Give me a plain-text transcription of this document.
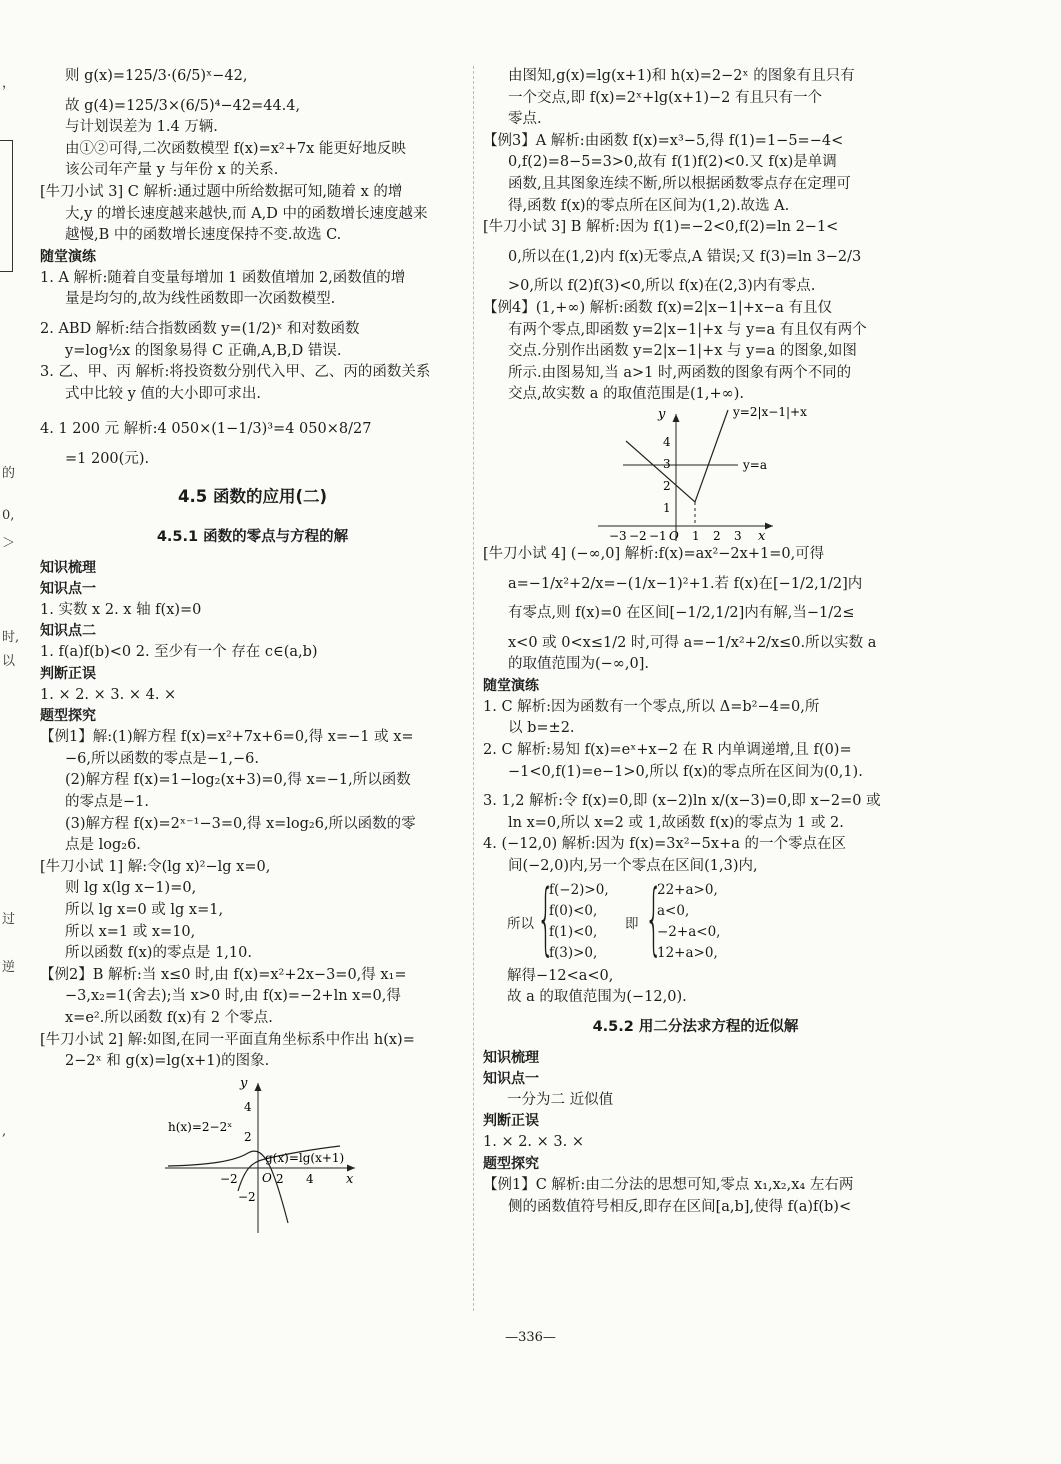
，
的
0,
＞
时,
以
过
逆
,
则 g(x)=125/3·(6/5)ˣ−42,
故 g(4)=125/3×(6/5)⁴−42=44.4,
与计划误差为 1.4 万辆.
由①②可得,二次函数模型 f(x)=x²+7x 能更好地反映
该公司年产量 y 与年份 x 的关系.
[牛刀小试 3] C 解析:通过题中所给数据可知,随着 x 的增
大,y 的增长速度越来越快,而 A,D 中的函数增长速度越来
越慢,B 中的函数增长速度保持不变.故选 C.
随堂演练
1. A 解析:随着自变量每增加 1 函数值增加 2,函数值的增
量是均匀的,故为线性函数即一次函数模型.
2. ABD 解析:结合指数函数 y=(1/2)ˣ 和对数函数
y=log½x 的图象易得 C 正确,A,B,D 错误.
3. 乙、甲、丙 解析:将投资数分别代入甲、乙、丙的函数关系
式中比较 y 值的大小即可求出.
4. 1 200 元 解析:4 050×(1−1/3)³=4 050×8/27
=1 200(元).
4.5 函数的应用(二)
4.5.1 函数的零点与方程的解
知识梳理
知识点一
1. 实数 x 2. x 轴 f(x)=0
知识点二
1. f(a)f(b)<0 2. 至少有一个 存在 c∈(a,b)
判断正误
1. × 2. × 3. × 4. ×
题型探究
【例1】解:(1)解方程 f(x)=x²+7x+6=0,得 x=−1 或 x=
−6,所以函数的零点是−1,−6.
(2)解方程 f(x)=1−log₂(x+3)=0,得 x=−1,所以函数
的零点是−1.
(3)解方程 f(x)=2ˣ⁻¹−3=0,得 x=log₂6,所以函数的零
点是 log₂6.
[牛刀小试 1] 解:令(lg x)²−lg x=0,
则 lg x(lg x−1)=0,
所以 lg x=0 或 lg x=1,
所以 x=1 或 x=10,
所以函数 f(x)的零点是 1,10.
【例2】B 解析:当 x≤0 时,由 f(x)=x²+2x−3=0,得 x₁=
−3,x₂=1(舍去);当 x>0 时,由 f(x)=−2+ln x=0,得
x=e².所以函数 f(x)有 2 个零点.
[牛刀小试 2] 解:如图,在同一平面直角坐标系中作出 h(x)=
2−2ˣ 和 g(x)=lg(x+1)的图象.
y
x
O
4
2
−2
2 4
−2
h(x)=2−2ˣ
g(x)=lg(x+1)
由图知,g(x)=lg(x+1)和 h(x)=2−2ˣ 的图象有且只有
一个交点,即 f(x)=2ˣ+lg(x+1)−2 有且只有一个
零点.
【例3】A 解析:由函数 f(x)=x³−5,得 f(1)=1−5=−4<
0,f(2)=8−5=3>0,故有 f(1)f(2)<0.又 f(x)是单调
函数,且其图象连续不断,所以根据函数零点存在定理可
得,函数 f(x)的零点所在区间为(1,2).故选 A.
[牛刀小试 3] B 解析:因为 f(1)=−2<0,f(2)=ln 2−1<
0,所以在(1,2)内 f(x)无零点,A 错误;又 f(3)=ln 3−2/3
>0,所以 f(2)f(3)<0,所以 f(x)在(2,3)内有零点.
【例4】(1,+∞) 解析:函数 f(x)=2|x−1|+x−a 有且仅
有两个零点,即函数 y=2|x−1|+x 与 y=a 有且仅有两个
交点.分别作出函数 y=2|x−1|+x 与 y=a 的图象,如图
所示.由图易知,当 a>1 时,两函数的图象有两个不同的
交点,故实数 a 的取值范围是(1,+∞).
y
x
4
3
2
1
−3 −2 −1 O 1 2 3
y=2|x−1|+x
y=a
[牛刀小试 4] (−∞,0] 解析:f(x)=ax²−2x+1=0,可得
a=−1/x²+2/x=−(1/x−1)²+1.若 f(x)在[−1/2,1/2]内
有零点,则 f(x)=0 在区间[−1/2,1/2]内有解,当−1/2≤
x<0 或 0<x≤1/2 时,可得 a=−1/x²+2/x≤0.所以实数 a
的取值范围为(−∞,0].
随堂演练
1. C 解析:因为函数有一个零点,所以 Δ=b²−4=0,所
以 b=±2.
2. C 解析:易知 f(x)=eˣ+x−2 在 R 内单调递增,且 f(0)=
−1<0,f(1)=e−1>0,所以 f(x)的零点所在区间为(0,1).
3. 1,2 解析:令 f(x)=0,即 (x−2)ln x/(x−3)=0,即 x−2=0 或
ln x=0,所以 x=2 或 1,故函数 f(x)的零点为 1 或 2.
4. (−12,0) 解析:因为 f(x)=3x²−5x+a 的一个零点在区
间(−2,0)内,另一个零点在区间(1,3)内,
所以 {
f(−2)>0,
f(0)<0,
f(1)<0,
f(3)>0,
即 {
22+a>0,
a<0,
−2+a<0,
12+a>0,
解得−12<a<0,
故 a 的取值范围为(−12,0).
4.5.2 用二分法求方程的近似解
知识梳理
知识点一
一分为二 近似值
判断正误
1. × 2. × 3. ×
题型探究
【例1】C 解析:由二分法的思想可知,零点 x₁,x₂,x₄ 左右两
侧的函数值符号相反,即存在区间[a,b],使得 f(a)f(b)<
—336—
